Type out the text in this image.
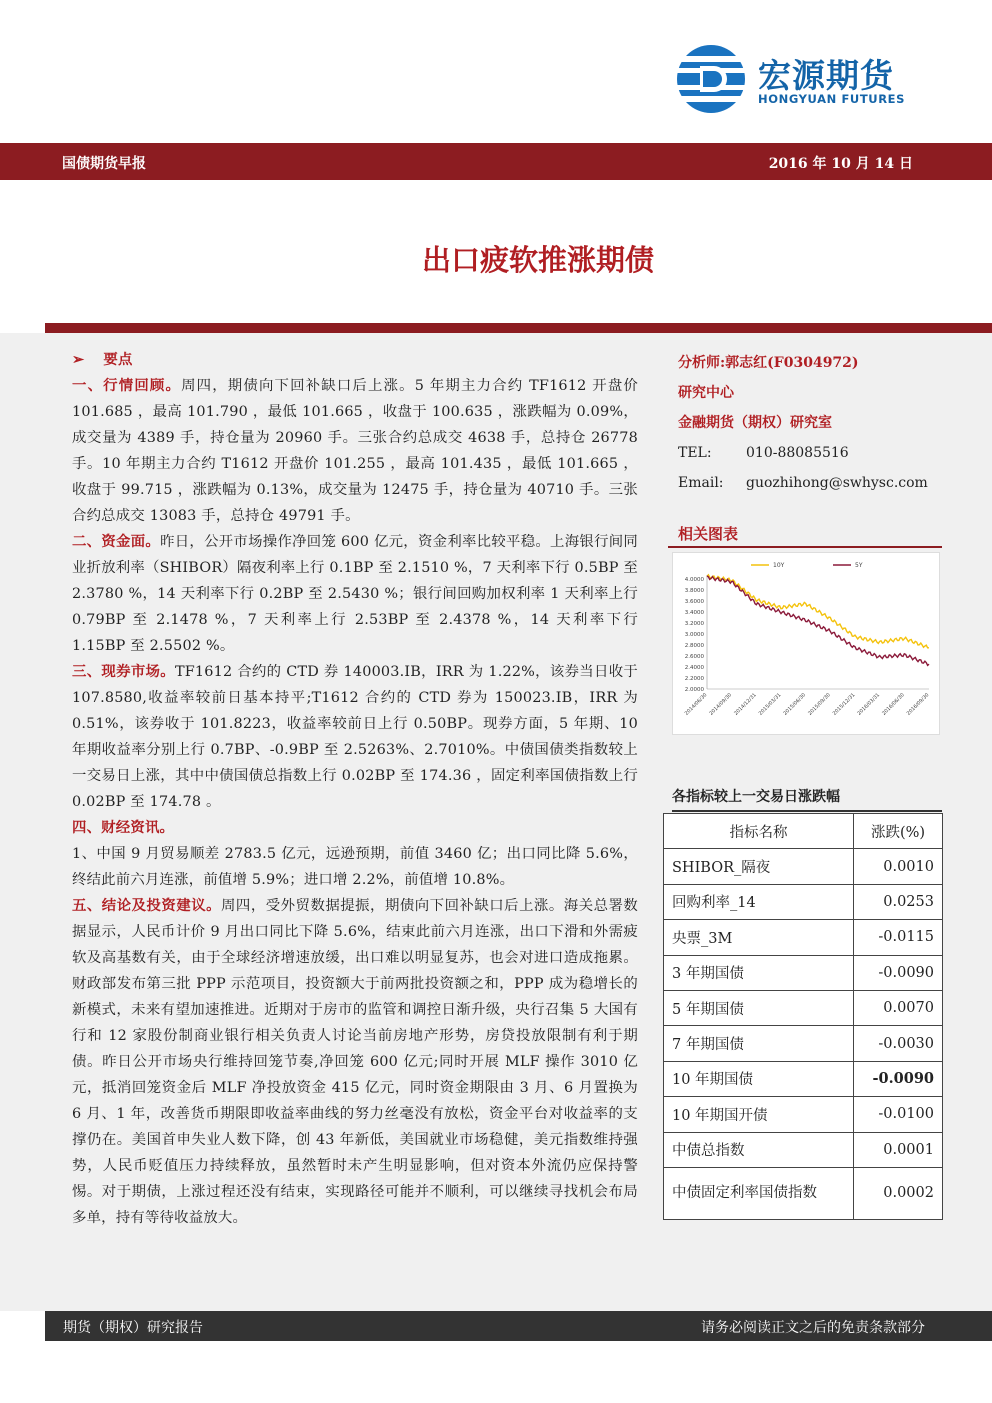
宏源期货
HONGYUAN FUTURES
国债期货早报	2016 年 10 月 14 日
出口疲软推涨期债

➢ 要点

一、行情回顾。周四，期债向下回补缺口后上涨。5 年期主力合约 TF1612 开盘价 101.685 ，最高 101.790 ，最低 101.665 ，收盘于 100.635 ，涨跌幅为 0.09%，成交量为 4389 手，持仓量为 20960 手。三张合约总成交 4638 手，总持仓 26778 手。10 年期主力合约 T1612 开盘价 101.255 ，最高 101.435 ，最低 101.665 ，收盘于 99.715 ，涨跌幅为 0.13%，成交量为 12475 手，持仓量为 40710 手。三张合约总成交 13083 手，总持仓 49791 手。

二、资金面。昨日，公开市场操作净回笼 600 亿元，资金利率比较平稳。上海银行间同业折放利率（SHIBOR）隔夜利率上行 0.1BP 至 2.1510 %，7 天利率下行 0.5BP 至 2.3780 %，14 天利率下行 0.2BP 至 2.5430 %；银行间回购加权利率 1 天利率上行 0.79BP 至 2.1478 %，7 天利率上行 2.53BP 至 2.4378 %，14 天利率下行 1.15BP 至 2.5502 %。

三、现券市场。TF1612 合约的 CTD 券 140003.IB，IRR 为 1.22%，该券当日收于 107.8580,收益率较前日基本持平;T1612 合约的 CTD 券为 150023.IB，IRR 为 0.51%，该券收于 101.8223，收益率较前日上行 0.50BP。现券方面，5 年期、10 年期收益率分别上行 0.7BP、-0.9BP 至 2.5263%、2.7010%。中债国债类指数较上一交易日上涨，其中中债国债总指数上行 0.02BP 至 174.36 ，固定利率国债指数上行 0.02BP 至 174.78 。

四、财经资讯。

1、中国 9 月贸易顺差 2783.5 亿元，远逊预期，前值 3460 亿；出口同比降 5.6%，终结此前六月连涨，前值增 5.9%；进口增 2.2%，前值增 10.8%。

五、结论及投资建议。周四，受外贸数据提振，期债向下回补缺口后上涨。海关总署数据显示，人民币计价 9 月出口同比下降 5.6%，结束此前六月连涨，出口下滑和外需疲软及高基数有关，由于全球经济增速放缓，出口难以明显复苏，也会对进口造成拖累。财政部发布第三批 PPP 示范项目，投资额大于前两批投资额之和，PPP 成为稳增长的新模式，未来有望加速推进。近期对于房市的监管和调控日渐升级，央行召集 5 大国有行和 12 家股份制商业银行相关负责人讨论当前房地产形势，房贷投放限制有利于期债。昨日公开市场央行维持回笼节奏,净回笼 600 亿元;同时开展 MLF 操作 3010 亿元，抵消回笼资金后 MLF 净投放资金 415 亿元，同时资金期限由 3 月、6 月置换为 6 月、1 年，改善货币期限即收益率曲线的努力丝毫没有放松，资金平台对收益率的支撑仍在。美国首申失业人数下降，创 43 年新低，美国就业市场稳健，美元指数维持强势，人民币贬值压力持续释放，虽然暂时未产生明显影响，但对资本外流仍应保持警惕。对于期债，上涨过程还没有结束，实现路径可能并不顺利，可以继续寻找机会布局多单，持有等待收益放大。

分析师:郭志红(F0304972)
研究中心
金融期货（期权）研究室
TEL: 010-88085516
Email: guozhihong@swhysc.com
相关图表
4.0000
3.8000
3.6000
3.4000
3.2000
3.0000
2.8000
2.6000
2.4000
2.2000
2.0000
2014/06/30 2014/09/30 2014/12/31 2015/03/31 2015/06/30 2015/09/30 2015/12/31 2016/03/31 2016/06/30 2016/09/30
10Y	5Y
各指标较上一交易日涨跌幅
指标名称	涨跌(%)
SHIBOR_隔夜	0.0010
回购利率_14	0.0253
央票_3M	-0.0115
3 年期国债	-0.0090
5 年期国债	0.0070
7 年期国债	-0.0030
10 年期国债	-0.0090
10 年期国开债	-0.0100
中债总指数	0.0001
中债固定利率国债指数	0.0002
期货（期权）研究报告	请务必阅读正文之后的免责条款部分
